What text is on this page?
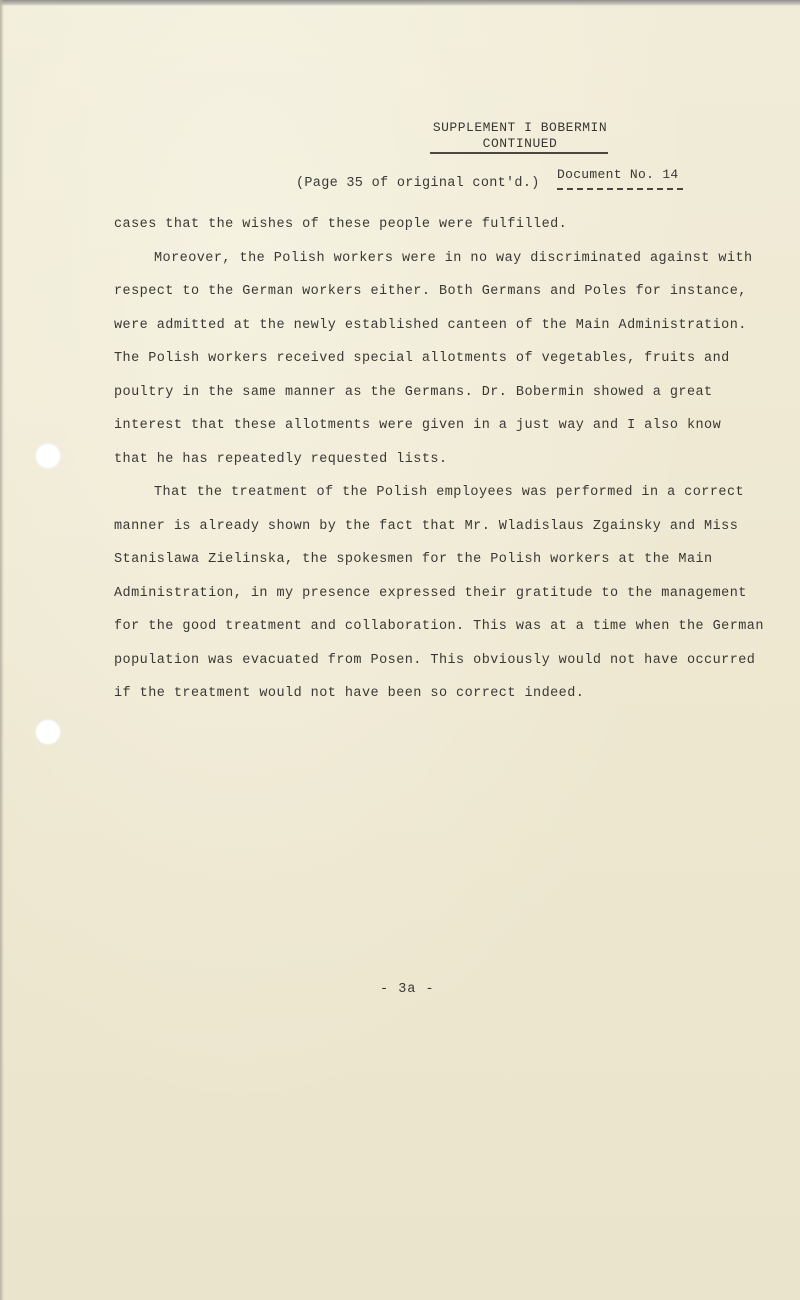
SUPPLEMENT I BOBERMIN
CONTINUED
(Page 35 of original cont'd.)
Document No. 14
cases that the wishes of these people were fulfilled.
Moreover, the Polish workers were in no way discriminated against with
respect to the German workers either. Both Germans and Poles for instance,
were admitted at the newly established canteen of the Main Administration.
The Polish workers received special allotments of vegetables, fruits and
poultry in the same manner as the Germans. Dr. Bobermin showed a great
interest that these allotments were given in a just way and I also know
that he has repeatedly requested lists.
That the treatment of the Polish employees was performed in a correct
manner is already shown by the fact that Mr. Wladislaus Zgainsky and Miss
Stanislawa Zielinska, the spokesmen for the Polish workers at the Main
Administration, in my presence expressed their gratitude to the management
for the good treatment and collaboration. This was at a time when the German
population was evacuated from Posen. This obviously would not have occurred
if the treatment would not have been so correct indeed.
- 3a -
